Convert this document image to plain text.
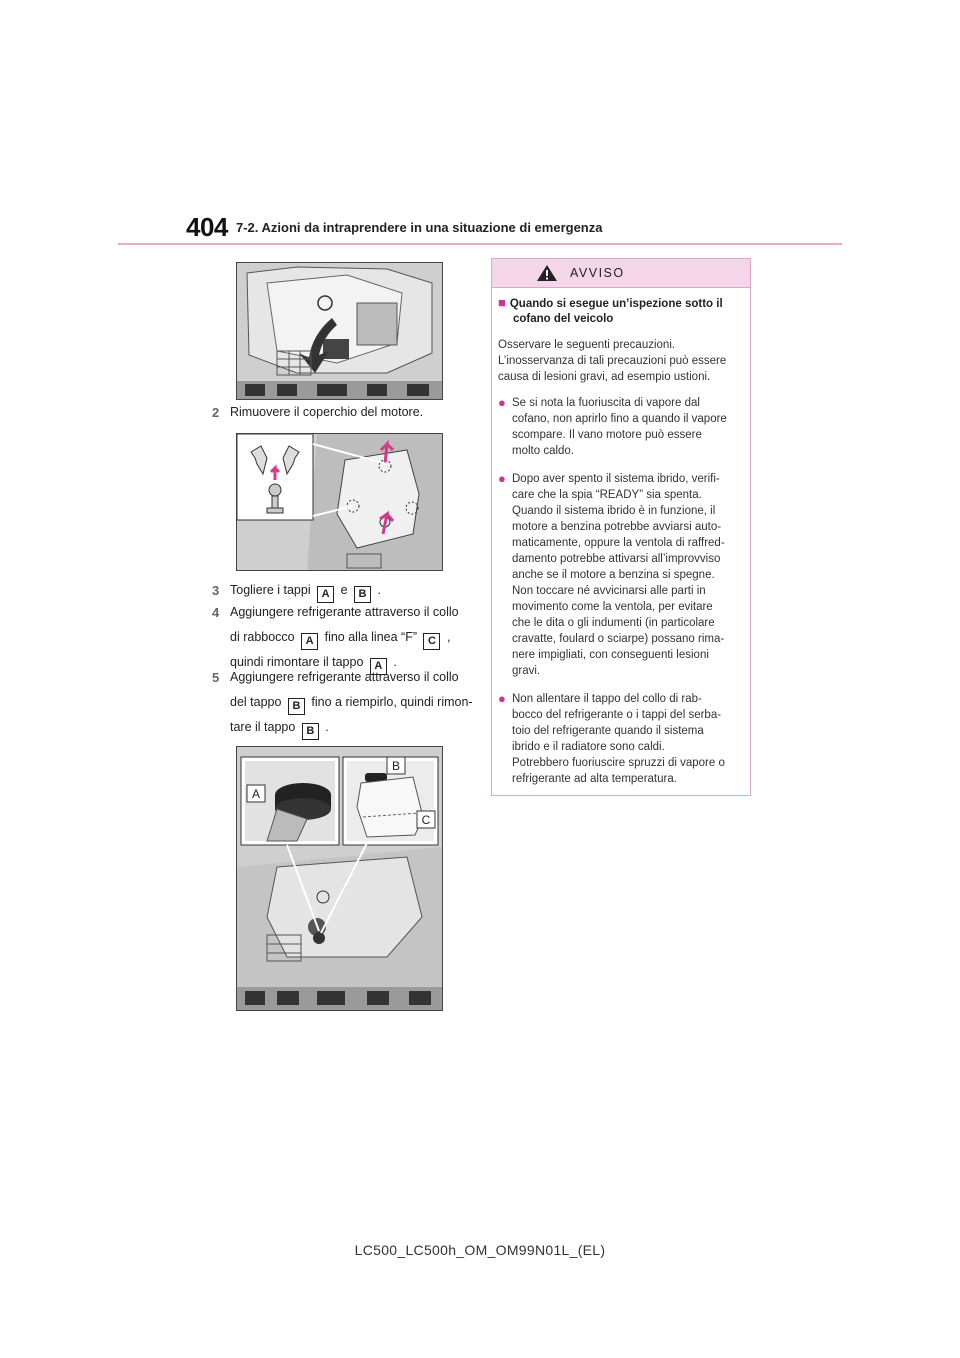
404 7-2. Azioni da intraprendere in una situazione di emergenza
2 Rimuovere il coperchio del motore.
3 Togliere i tappi A e B .
4 Aggiungere refrigerante attraverso il collo
di rabbocco A fino alla linea “F” C ,
quindi rimontare il tappo A .
5 Aggiungere refrigerante attraverso il collo
del tappo B fino a riempirlo, quindi rimon-
tare il tappo B .
A
B
C
AVVISO
■ Quando si esegue un’ispezione sotto il
cofano del veicolo
Osservare le seguenti precauzioni.
L’inosservanza di tali precauzioni può essere
causa di lesioni gravi, ad esempio ustioni.
● Se si nota la fuoriuscita di vapore dal
cofano, non aprirlo fino a quando il vapore
scompare. Il vano motore può essere
molto caldo.
● Dopo aver spento il sistema ibrido, verifi-
care che la spia “READY” sia spenta.
Quando il sistema ibrido è in funzione, il
motore a benzina potrebbe avviarsi auto-
maticamente, oppure la ventola di raffred-
damento potrebbe attivarsi all’improvviso
anche se il motore a benzina si spegne.
Non toccare né avvicinarsi alle parti in
movimento come la ventola, per evitare
che le dita o gli indumenti (in particolare
cravatte, foulard o sciarpe) possano rima-
nere impigliati, con conseguenti lesioni
gravi.
● Non allentare il tappo del collo di rab-
bocco del refrigerante o i tappi del serba-
toio del refrigerante quando il sistema
ibrido e il radiatore sono caldi.
Potrebbero fuoriuscire spruzzi di vapore o
refrigerante ad alta temperatura.
LC500_LC500h_OM_OM99N01L_(EL)
